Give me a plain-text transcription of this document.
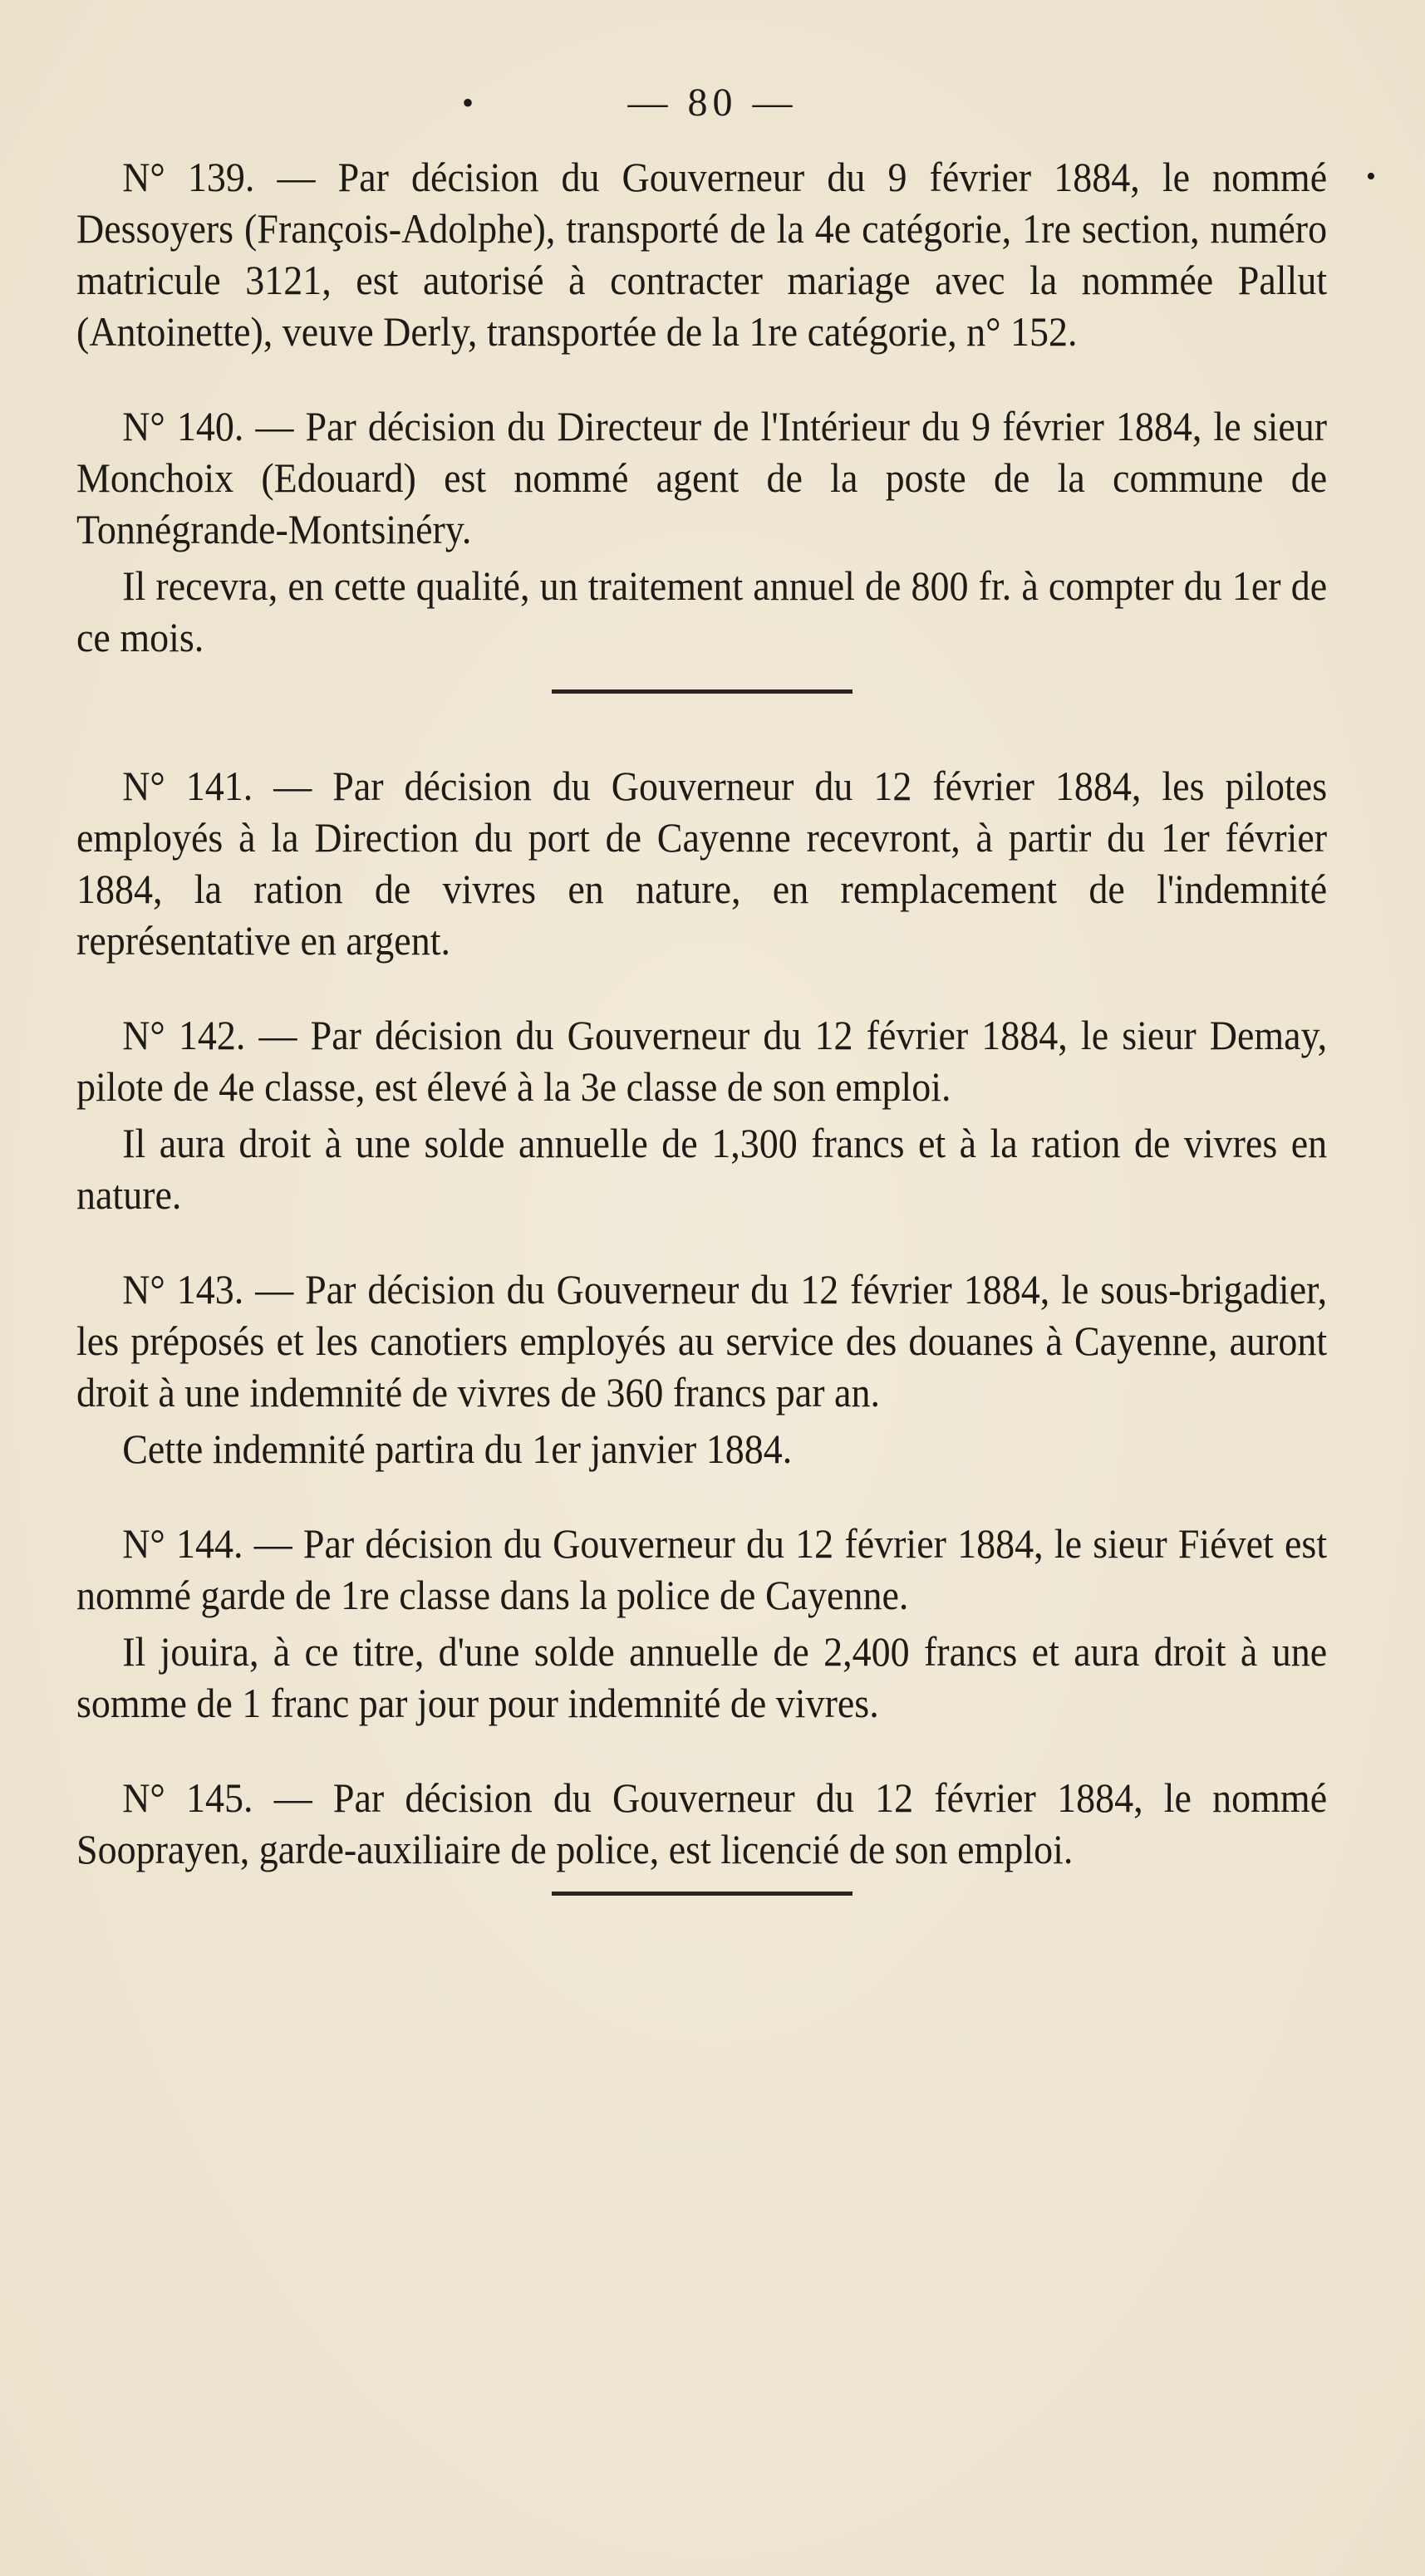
•
•
— 80 —

N° 139. — Par décision du Gouverneur du 9 février 1884, le nommé Dessoyers (François-Adolphe), transporté de la 4e catégorie, 1re section, numéro matricule 3121, est autorisé à contracter mariage avec la nommée Pallut (Antoinette), veuve Derly, transportée de la 1re catégorie, n° 152.

N° 140. — Par décision du Directeur de l'Intérieur du 9 février 1884, le sieur Monchoix (Edouard) est nommé agent de la poste de la commune de Tonnégrande-Montsinéry.

Il recevra, en cette qualité, un traitement annuel de 800 fr. à compter du 1er de ce mois.

N° 141. — Par décision du Gouverneur du 12 février 1884, les pilotes employés à la Direction du port de Cayenne recevront, à partir du 1er février 1884, la ration de vivres en nature, en remplacement de l'indemnité représentative en argent.

N° 142. — Par décision du Gouverneur du 12 février 1884, le sieur Demay, pilote de 4e classe, est élevé à la 3e classe de son emploi.

Il aura droit à une solde annuelle de 1,300 francs et à la ration de vivres en nature.

N° 143. — Par décision du Gouverneur du 12 février 1884, le sous-brigadier, les préposés et les canotiers employés au service des douanes à Cayenne, auront droit à une indemnité de vivres de 360 francs par an.

Cette indemnité partira du 1er janvier 1884.

N° 144. — Par décision du Gouverneur du 12 février 1884, le sieur Fiévet est nommé garde de 1re classe dans la police de Cayenne.

Il jouira, à ce titre, d'une solde annuelle de 2,400 francs et aura droit à une somme de 1 franc par jour pour indemnité de vivres.

N° 145. — Par décision du Gouverneur du 12 février 1884, le nommé Sooprayen, garde-auxiliaire de police, est licencié de son emploi.
